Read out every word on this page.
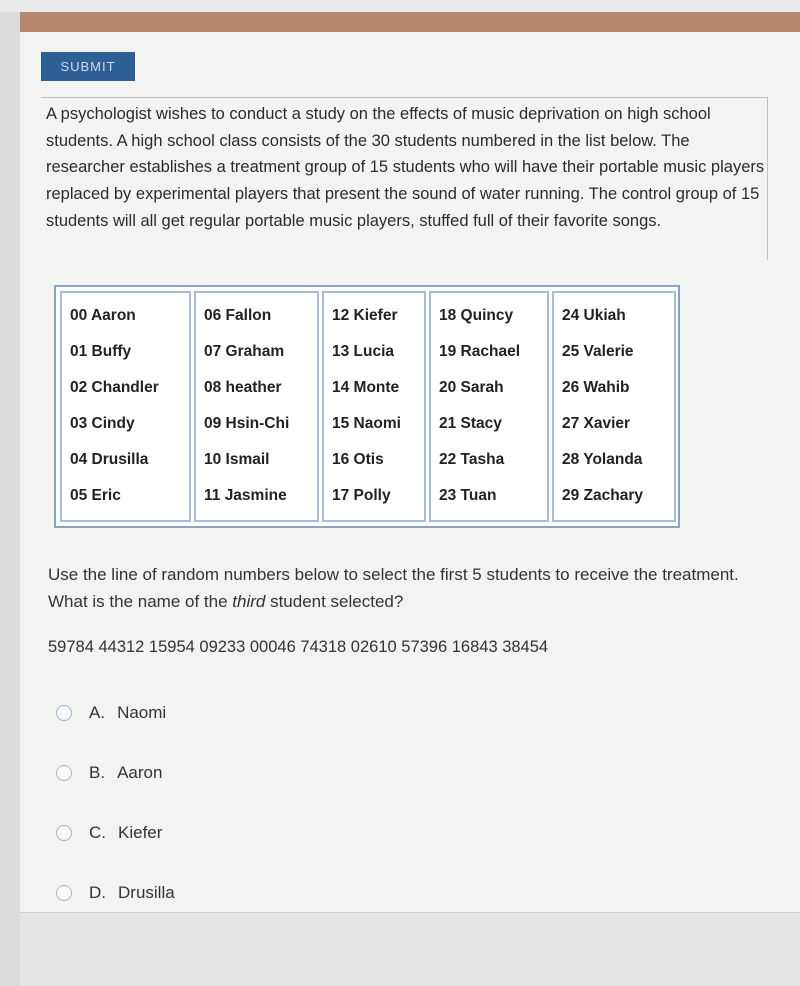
SUBMIT

A psychologist wishes to conduct a study on the effects of music deprivation on high school students. A high school class consists of the 30 students numbered in the list below. The researcher establishes a treatment group of 15 students who will have their portable music players replaced by experimental players that present the sound of water running. The control group of 15 students will all get regular portable music players, stuffed full of their favorite songs.

00 Aaron
01 Buffy
02 Chandler
03 Cindy
04 Drusilla
05 Eric
06 Fallon
07 Graham
08 heather
09 Hsin-Chi
10 Ismail
11 Jasmine
12 Kiefer
13 Lucia
14 Monte
15 Naomi
16 Otis
17 Polly
18 Quincy
19 Rachael
20 Sarah
21 Stacy
22 Tasha
23 Tuan
24 Ukiah
25 Valerie
26 Wahib
27 Xavier
28 Yolanda
29 Zachary

Use the line of random numbers below to select the first 5 students to receive the treatment. What is the name of the third student selected?

59784 44312 15954 09233 00046 74318 02610 57396 16843 38454

A. Naomi
B. Aaron
C. Kiefer
D. Drusilla
